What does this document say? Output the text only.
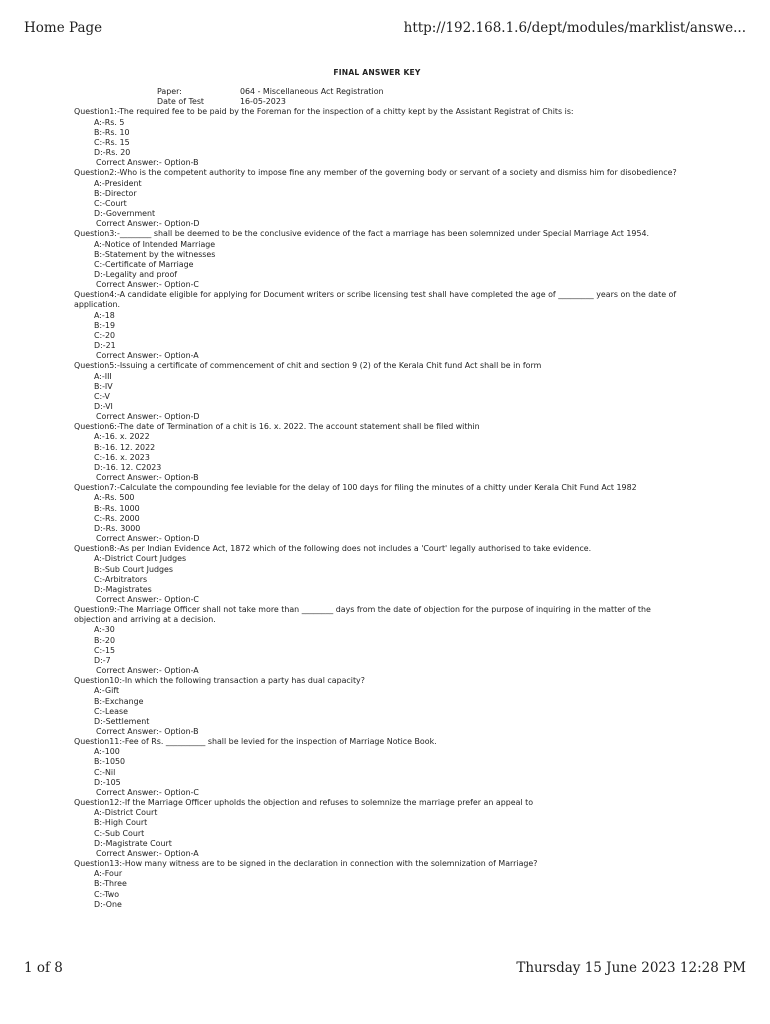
Home Page	http://192.168.1.6/dept/modules/marklist/answe...
FINAL ANSWER KEY
Paper:	064 - Miscellaneous Act Registration
Date of Test	16-05-2023
Question1:-The required fee to be paid by the Foreman for the inspection of a chitty kept by the Assistant Registrat of Chits is:
A:-Rs. 5
B:-Rs. 10
C:-Rs. 15
D:-Rs. 20
Correct Answer:- Option-B
Question2:-Who is the competent authority to impose fine any member of the governing body or servant of a society and dismiss him for disobedience?
A:-President
B:-Director
C:-Court
D:-Government
Correct Answer:- Option-D
Question3:-________ shall be deemed to be the conclusive evidence of the fact a marriage has been solemnized under Special Marriage Act 1954.
A:-Notice of Intended Marriage
B:-Statement by the witnesses
C:-Certificate of Marriage
D:-Legality and proof
Correct Answer:- Option-C
Question4:-A candidate eligible for applying for Document writers or scribe licensing test shall have completed the age of _________ years on the date of application.
A:-18
B:-19
C:-20
D:-21
Correct Answer:- Option-A
Question5:-Issuing a certificate of commencement of chit and section 9 (2) of the Kerala Chit fund Act shall be in form
A:-III
B:-IV
C:-V
D:-VI
Correct Answer:- Option-D
Question6:-The date of Termination of a chit is 16. x. 2022. The account statement shall be filed within
A:-16. x. 2022
B:-16. 12. 2022
C:-16. x. 2023
D:-16. 12. C2023
Correct Answer:- Option-B
Question7:-Calculate the compounding fee leviable for the delay of 100 days for filing the minutes of a chitty under Kerala Chit Fund Act 1982
A:-Rs. 500
B:-Rs. 1000
C:-Rs. 2000
D:-Rs. 3000
Correct Answer:- Option-D
Question8:-As per Indian Evidence Act, 1872 which of the following does not includes a 'Court' legally authorised to take evidence.
A:-District Court Judges
B:-Sub Court Judges
C:-Arbitrators
D:-Magistrates
Correct Answer:- Option-C
Question9:-The Marriage Officer shall not take more than ________ days from the date of objection for the purpose of inquiring in the matter of the objection and arriving at a decision.
A:-30
B:-20
C:-15
D:-7
Correct Answer:- Option-A
Question10:-In which the following transaction a party has dual capacity?
A:-Gift
B:-Exchange
C:-Lease
D:-Settlement
Correct Answer:- Option-B
Question11:-Fee of Rs. __________ shall be levied for the inspection of Marriage Notice Book.
A:-100
B:-1050
C:-Nil
D:-105
Correct Answer:- Option-C
Question12:-If the Marriage Officer upholds the objection and refuses to solemnize the marriage prefer an appeal to
A:-District Court
B:-High Court
C:-Sub Court
D:-Magistrate Court
Correct Answer:- Option-A
Question13:-How many witness are to be signed in the declaration in connection with the solemnization of Marriage?
A:-Four
B:-Three
C:-Two
D:-One
1 of 8	Thursday 15 June 2023 12:28 PM
